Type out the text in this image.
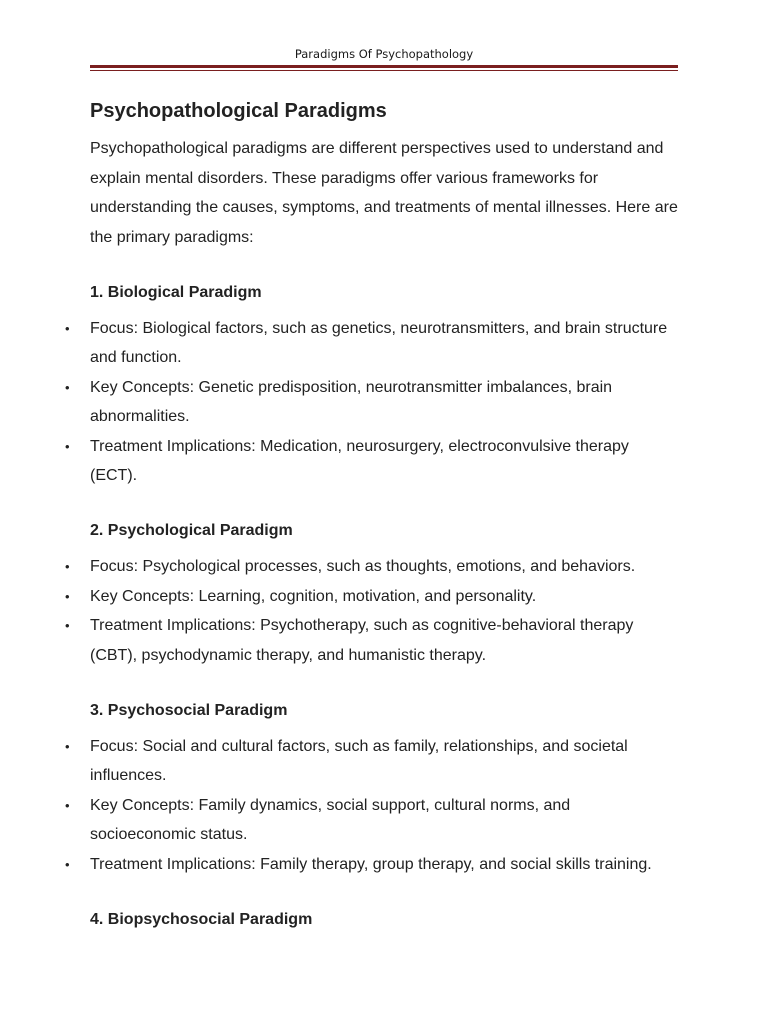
Paradigms Of Psychopathology
Psychopathological Paradigms

Psychopathological paradigms are different perspectives used to understand and explain mental disorders. These paradigms offer various frameworks for understanding the causes, symptoms, and treatments of mental illnesses. Here are the primary paradigms:

1. Biological Paradigm
• Focus: Biological factors, such as genetics, neurotransmitters, and brain structure and function.
• Key Concepts: Genetic predisposition, neurotransmitter imbalances, brain abnormalities.
• Treatment Implications: Medication, neurosurgery, electroconvulsive therapy (ECT).
2. Psychological Paradigm
• Focus: Psychological processes, such as thoughts, emotions, and behaviors.
• Key Concepts: Learning, cognition, motivation, and personality.
• Treatment Implications: Psychotherapy, such as cognitive-behavioral therapy (CBT), psychodynamic therapy, and humanistic therapy.
3. Psychosocial Paradigm
• Focus: Social and cultural factors, such as family, relationships, and societal influences.
• Key Concepts: Family dynamics, social support, cultural norms, and socioeconomic status.
• Treatment Implications: Family therapy, group therapy, and social skills training.
4. Biopsychosocial Paradigm
